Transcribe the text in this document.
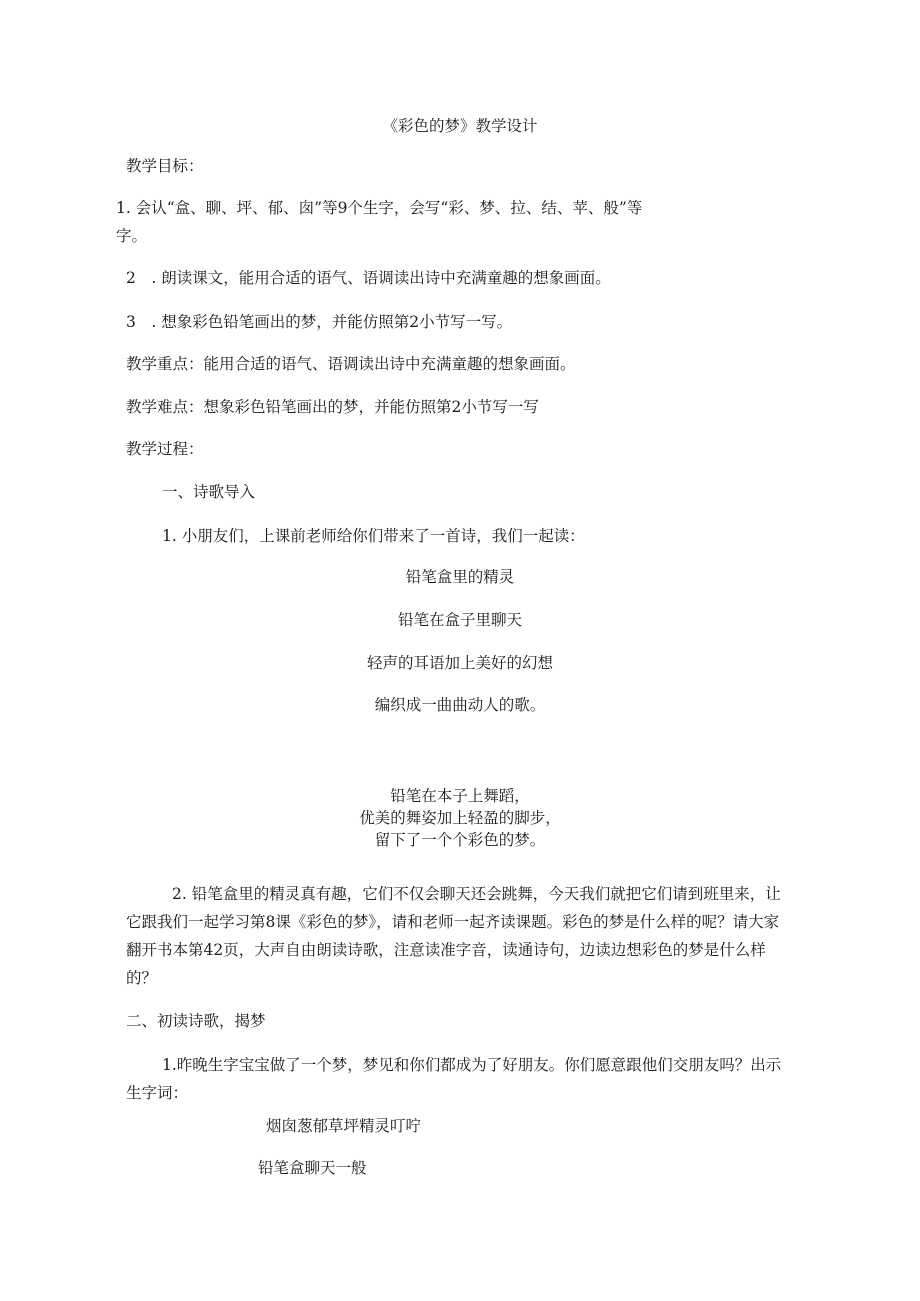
《彩色的梦》教学设计
教学目标：
1. 会认“盒、聊、坪、郁、囱”等9个生字，会写“彩、梦、拉、结、苹、般”等
字。
2　. 朗读课文，能用合适的语气、语调读出诗中充满童趣的想象画面。
3　. 想象彩色铅笔画出的梦，并能仿照第2小节写一写。
教学重点：能用合适的语气、语调读出诗中充满童趣的想象画面。
教学难点：想象彩色铅笔画出的梦，并能仿照第2小节写一写
教学过程：
一、诗歌导入
1. 小朋友们，上课前老师给你们带来了一首诗，我们一起读：
铅笔盒里的精灵
铅笔在盒子里聊天
轻声的耳语加上美好的幻想
编织成一曲曲动人的歌。
铅笔在本子上舞蹈，
优美的舞姿加上轻盈的脚步，
留下了一个个彩色的梦。
2. 铅笔盒里的精灵真有趣，它们不仅会聊天还会跳舞，今天我们就把它们请到班里来，让它跟我们一起学习第8课《彩色的梦》，请和老师一起齐读课题。彩色的梦是什么样的呢？请大家翻开书本第42页，大声自由朗读诗歌，注意读准字音，读通诗句，边读边想彩色的梦是什么样的？
二、初读诗歌，揭梦
1.昨晚生字宝宝做了一个梦，梦见和你们都成为了好朋友。你们愿意跟他们交朋友吗？出示生字词：
烟囱葱郁草坪精灵叮咛
铅笔盒聊天一般
